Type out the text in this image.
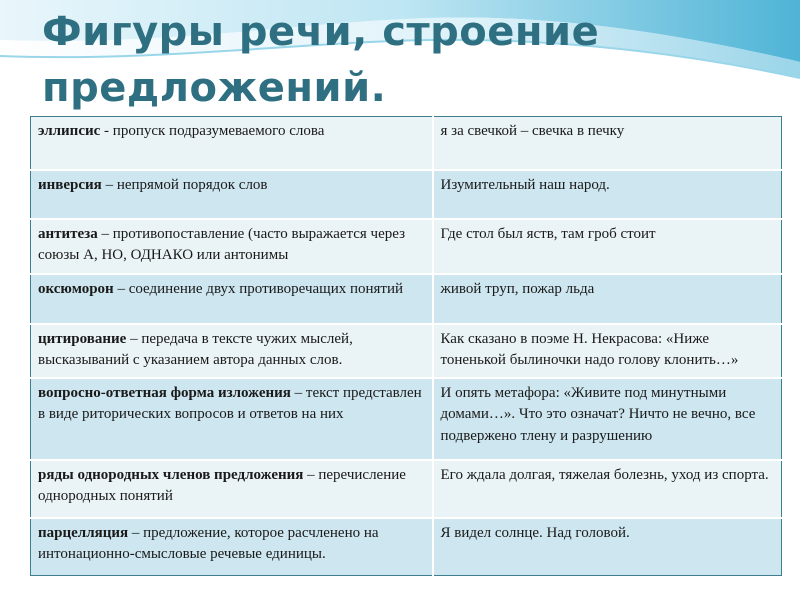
Фигуры речи, строение предложений.
эллипсис - пропуск подразумеваемого слова	я за свечкой – свечка в печку
инверсия – непрямой порядок слов	Изумительный наш народ.
антитеза – противопоставление (часто выражается через союзы А, НО, ОДНАКО или антонимы	Где стол был яств, там гроб стоит
оксюморон – соединение двух противоречащих понятий	живой труп, пожар льда
цитирование – передача в тексте чужих мыслей, высказываний с указанием автора данных слов.	Как сказано в поэме Н. Некрасова: «Ниже тоненькой былиночки надо голову клонить…»
вопросно-ответная форма изложения – текст представлен в виде риторических вопросов и ответов на них	И опять метафора: «Живите под минутными домами…». Что это означат? Ничто не вечно, все подвержено тлену и разрушению
ряды однородных членов предложения – перечисление однородных понятий	Его ждала долгая, тяжелая болезнь, уход из спорта.
парцелляция – предложение, которое расчленено на интонационно-смысловые речевые единицы.	Я видел солнце. Над головой.
